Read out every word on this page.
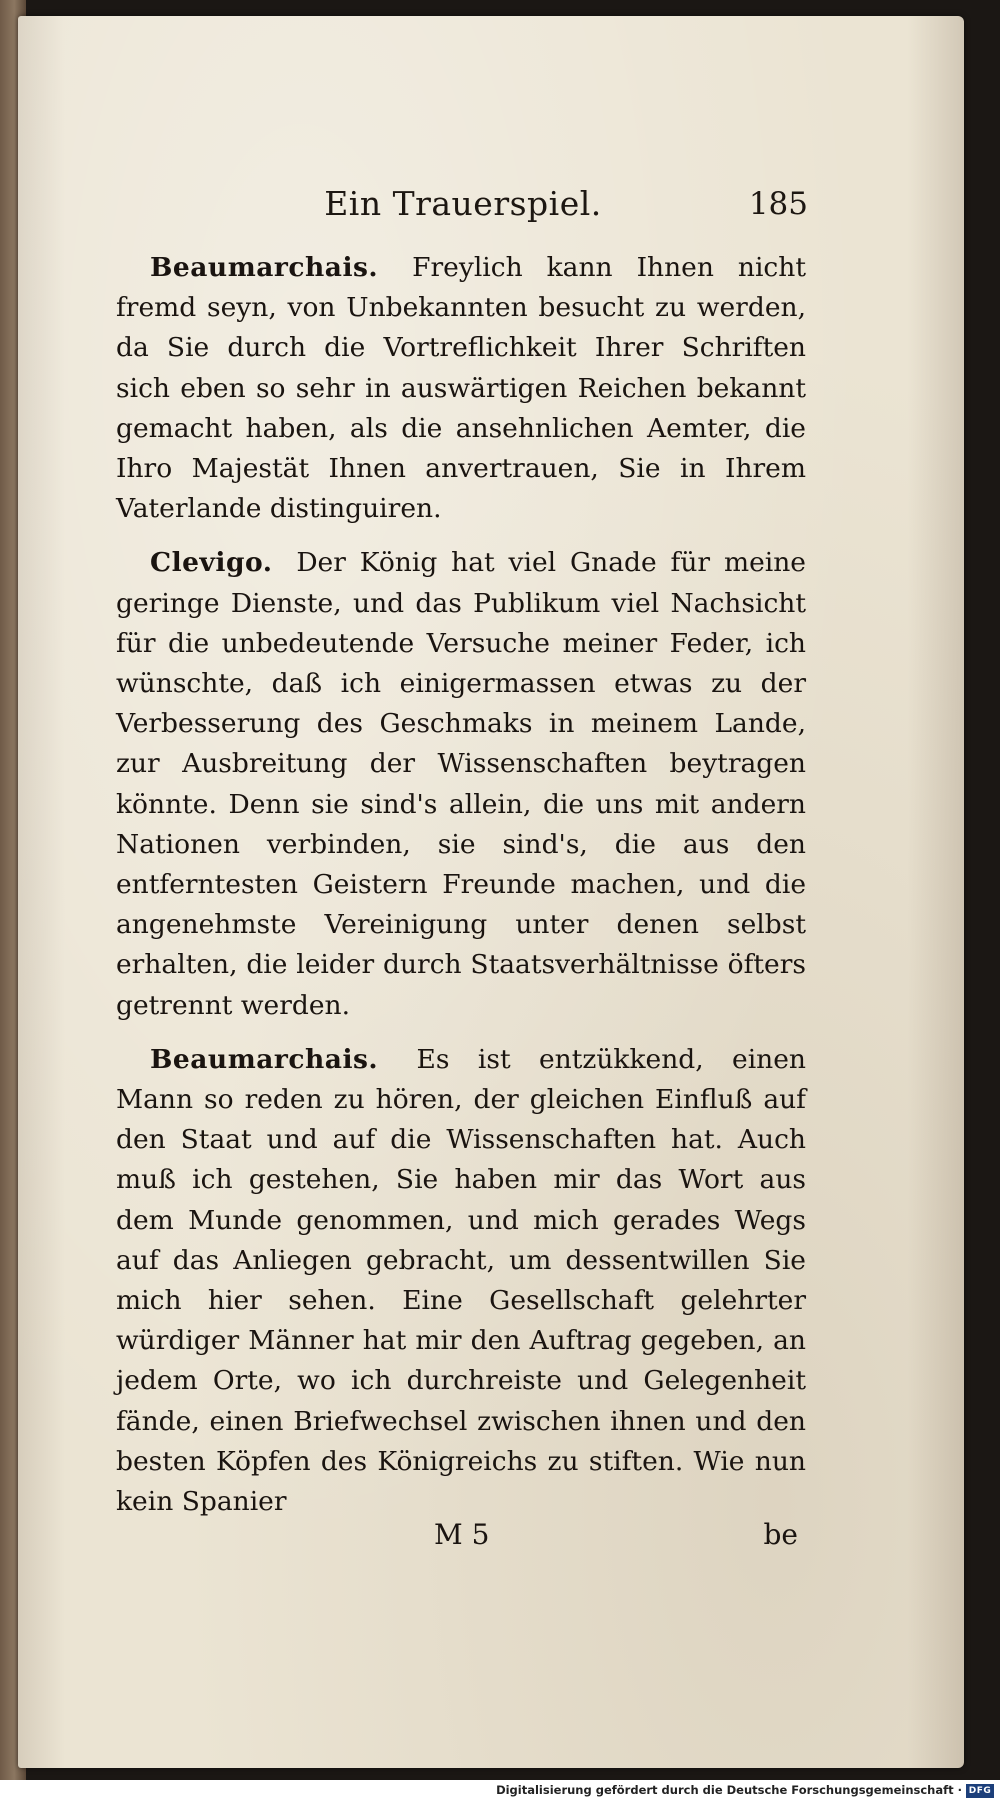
Ein Trauerspiel.	185

Beaumarchais. Freylich kann Ihnen nicht fremd seyn, von Unbekannten besucht zu werden, da Sie durch die Vortreflichkeit Ihrer Schriften sich eben so sehr in auswärtigen Reichen bekannt gemacht haben, als die ansehnlichen Aemter, die Ihro Majestät Ihnen anvertrauen, Sie in Ihrem Vaterlande distinguiren.

Clevigo. Der König hat viel Gnade für meine geringe Dienste, und das Publikum viel Nachsicht für die unbedeutende Versuche meiner Feder, ich wünschte, daß ich einigermassen etwas zu der Verbesserung des Geschmaks in meinem Lande, zur Ausbreitung der Wissenschaften beytragen könnte. Denn sie sind's allein, die uns mit andern Nationen verbinden, sie sind's, die aus den entferntesten Geistern Freunde machen, und die angenehmste Vereinigung unter denen selbst erhalten, die leider durch Staatsverhältnisse öfters getrennt werden.

Beaumarchais. Es ist entzükkend, einen Mann so reden zu hören, der gleichen Einfluß auf den Staat und auf die Wissenschaften hat. Auch muß ich gestehen, Sie haben mir das Wort aus dem Munde genommen, und mich gerades Wegs auf das Anliegen gebracht, um dessentwillen Sie mich hier sehen. Eine Gesellschaft gelehrter würdiger Männer hat mir den Auftrag gegeben, an jedem Orte, wo ich durchreiste und Gelegenheit fände, einen Briefwechsel zwischen ihnen und den besten Köpfen des Königreichs zu stiften. Wie nun kein Spanier

M 5	be
Digitalisierung gefördert durch die Deutsche Forschungsgemeinschaft · DFG
